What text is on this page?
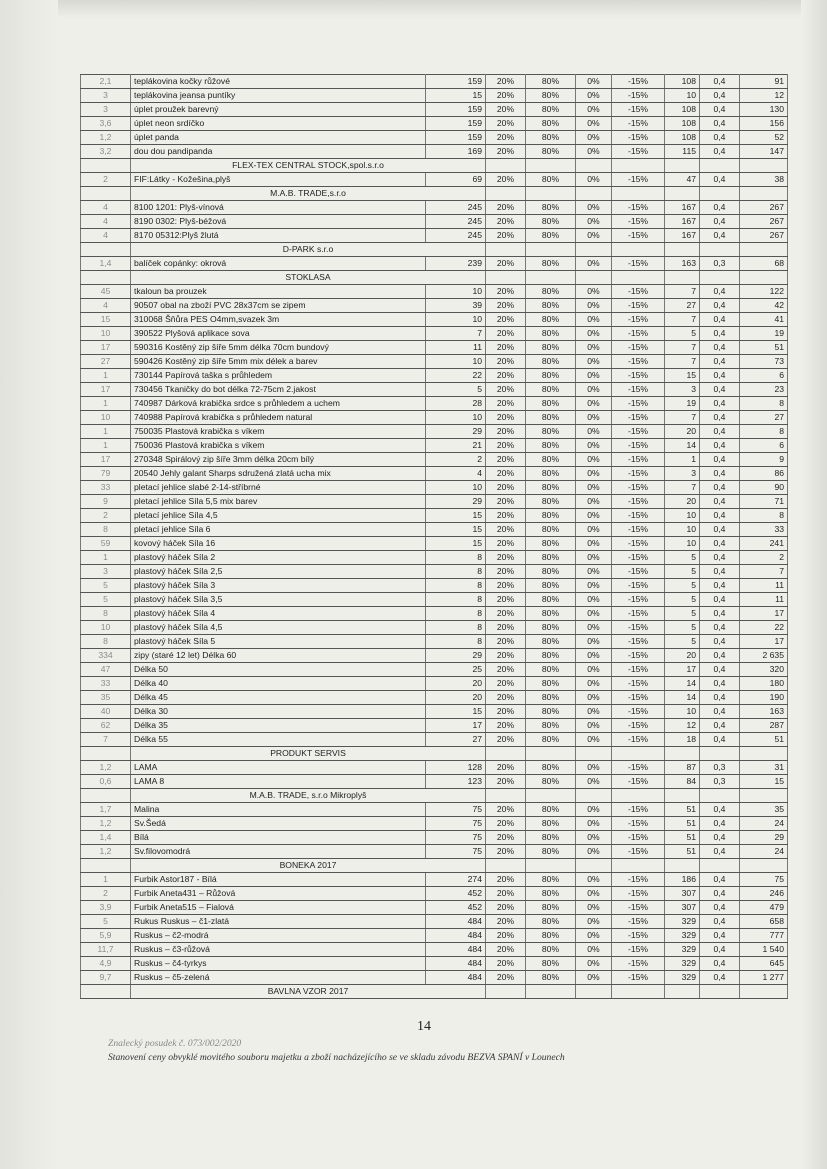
2,1	teplákovina kočky růžové	159	20%	80%	0%	-15%	108	0,4	91
3	teplákovina jeansa puntíky	15	20%	80%	0%	-15%	10	0,4	12
3	úplet proužek barevný	159	20%	80%	0%	-15%	108	0,4	130
3,6	úplet neon srdíčko	159	20%	80%	0%	-15%	108	0,4	156
1,2	úplet panda	159	20%	80%	0%	-15%	108	0,4	52
3,2	dou dou pandipanda	169	20%	80%	0%	-15%	115	0,4	147
	FLEX-TEX CENTRAL STOCK,spol.s.r.o								
2	FIF:Látky - Kožešina,plyš	69	20%	80%	0%	-15%	47	0,4	38
	M.A.B. TRADE,s.r.o								
4	8100 1201: Plyš-vínová	245	20%	80%	0%	-15%	167	0,4	267
4	8190 0302: Plyš-béžová	245	20%	80%	0%	-15%	167	0,4	267
4	8170 05312:Plyš žlutá	245	20%	80%	0%	-15%	167	0,4	267
	D-PARK s.r.o								
1,4	balíček copánky: okrová	239	20%	80%	0%	-15%	163	0,3	68
	STOKLASA								
45	tkaloun ba prouzek	10	20%	80%	0%	-15%	7	0,4	122
4	90507 obal na zboží PVC 28x37cm se zipem	39	20%	80%	0%	-15%	27	0,4	42
15	310068 Šňůra PES O4mm,svazek 3m	10	20%	80%	0%	-15%	7	0,4	41
10	390522 Plyšová aplikace sova	7	20%	80%	0%	-15%	5	0,4	19
17	590316 Kostěný zip šíře 5mm délka 70cm bundový	11	20%	80%	0%	-15%	7	0,4	51
27	590426 Kostěný zip šíře 5mm mix délek a barev	10	20%	80%	0%	-15%	7	0,4	73
1	730144 Papírová taška s průhledem	22	20%	80%	0%	-15%	15	0,4	6
17	730456 Tkaničky do bot délka 72-75cm 2.jakost	5	20%	80%	0%	-15%	3	0,4	23
1	740987 Dárková krabička srdce s průhledem a uchem	28	20%	80%	0%	-15%	19	0,4	8
10	740988 Papírová krabička s průhledem natural	10	20%	80%	0%	-15%	7	0,4	27
1	750035 Plastová krabička s víkem	29	20%	80%	0%	-15%	20	0,4	8
1	750036 Plastová krabička s víkem	21	20%	80%	0%	-15%	14	0,4	6
17	270348 Spirálový zip šíře 3mm délka 20cm bílý	2	20%	80%	0%	-15%	1	0,4	9
79	20540 Jehly galant Sharps sdružená zlatá ucha mix	4	20%	80%	0%	-15%	3	0,4	86
33	pletací jehlice slabé 2-14-stříbrné	10	20%	80%	0%	-15%	7	0,4	90
9	pletací jehlice Síla 5,5 mix barev	29	20%	80%	0%	-15%	20	0,4	71
2	pletací jehlice Síla 4,5	15	20%	80%	0%	-15%	10	0,4	8
8	pletací jehlice Síla 6	15	20%	80%	0%	-15%	10	0,4	33
59	kovový háček Síla 16	15	20%	80%	0%	-15%	10	0,4	241
1	plastový háček Síla 2	8	20%	80%	0%	-15%	5	0,4	2
3	plastový háček Síla 2,5	8	20%	80%	0%	-15%	5	0,4	7
5	plastový háček Síla 3	8	20%	80%	0%	-15%	5	0,4	11
5	plastový háček Síla 3,5	8	20%	80%	0%	-15%	5	0,4	11
8	plastový háček Síla 4	8	20%	80%	0%	-15%	5	0,4	17
10	plastový háček Síla 4,5	8	20%	80%	0%	-15%	5	0,4	22
8	plastový háček Síla 5	8	20%	80%	0%	-15%	5	0,4	17
334	zipy (staré 12 let) Délka 60	29	20%	80%	0%	-15%	20	0,4	2 635
47	Délka 50	25	20%	80%	0%	-15%	17	0,4	320
33	Délka 40	20	20%	80%	0%	-15%	14	0,4	180
35	Délka 45	20	20%	80%	0%	-15%	14	0,4	190
40	Délka 30	15	20%	80%	0%	-15%	10	0,4	163
62	Délka 35	17	20%	80%	0%	-15%	12	0,4	287
7	Délka 55	27	20%	80%	0%	-15%	18	0,4	51
	PRODUKT SERVIS								
1,2	LAMA	128	20%	80%	0%	-15%	87	0,3	31
0,6	LAMA 8	123	20%	80%	0%	-15%	84	0,3	15
	M.A.B. TRADE, s.r.o Mikroplyš								
1,7	Malina	75	20%	80%	0%	-15%	51	0,4	35
1,2	Sv.Šedá	75	20%	80%	0%	-15%	51	0,4	24
1,4	Bílá	75	20%	80%	0%	-15%	51	0,4	29
1,2	Sv.filovomodrá	75	20%	80%	0%	-15%	51	0,4	24
	BONEKA 2017								
1	Furbik Astor187 - Bílá	274	20%	80%	0%	-15%	186	0,4	75
2	Furbik Aneta431 – Růžová	452	20%	80%	0%	-15%	307	0,4	246
3,9	Furbik Aneta515 – Fialová	452	20%	80%	0%	-15%	307	0,4	479
5	Rukus Ruskus – č1-zlatá	484	20%	80%	0%	-15%	329	0,4	658
5,9	Ruskus – č2-modrá	484	20%	80%	0%	-15%	329	0,4	777
11,7	Ruskus – č3-růžová	484	20%	80%	0%	-15%	329	0,4	1 540
4,9	Ruskus – č4-tyrkys	484	20%	80%	0%	-15%	329	0,4	645
9,7	Ruskus – č5-zelená	484	20%	80%	0%	-15%	329	0,4	1 277
	BAVLNA VZOR 2017								
14
Znalecký posudek č. 073/002/2020
Stanovení ceny obvyklé movitého souboru majetku a zboží nacházejícího se ve skladu závodu BEZVA SPANÍ v Lounech
